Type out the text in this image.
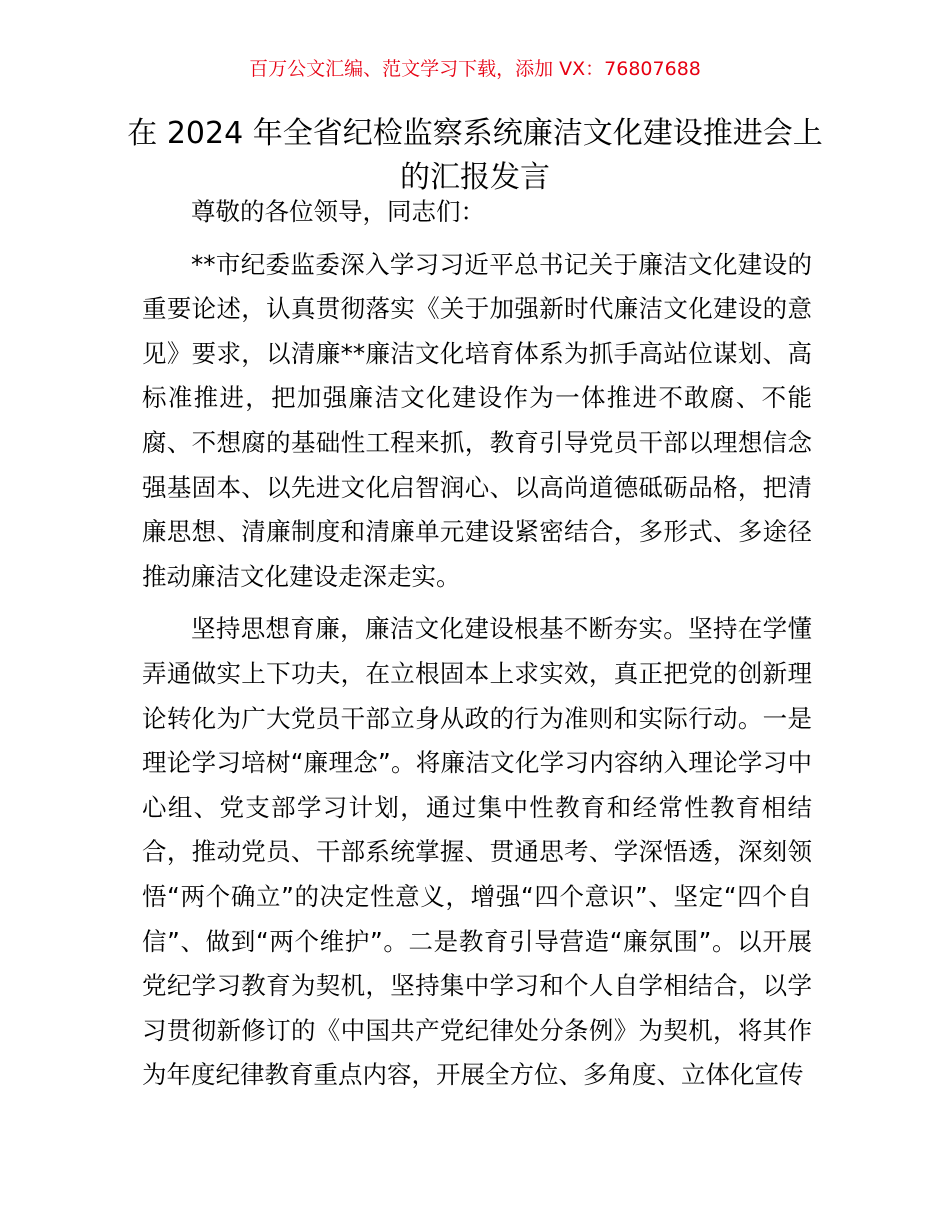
百万公文汇编、范文学习下载，添加 VX：76807688
在 2024 年全省纪检监察系统廉洁文化建设推进会上的汇报发言

尊敬的各位领导，同志们：

**市纪委监委深入学习习近平总书记关于廉洁文化建设的重要论述，认真贯彻落实《关于加强新时代廉洁文化建设的意见》要求，以清廉**廉洁文化培育体系为抓手高站位谋划、高标准推进，把加强廉洁文化建设作为一体推进不敢腐、不能腐、不想腐的基础性工程来抓，教育引导党员干部以理想信念强基固本、以先进文化启智润心、以高尚道德砥砺品格，把清廉思想、清廉制度和清廉单元建设紧密结合，多形式、多途径推动廉洁文化建设走深走实。

坚持思想育廉，廉洁文化建设根基不断夯实。坚持在学懂弄通做实上下功夫，在立根固本上求实效，真正把党的创新理论转化为广大党员干部立身从政的行为准则和实际行动。一是理论学习培树“廉理念”。将廉洁文化学习内容纳入理论学习中心组、党支部学习计划，通过集中性教育和经常性教育相结合，推动党员、干部系统掌握、贯通思考、学深悟透，深刻领悟“两个确立”的决定性意义，增强“四个意识”、坚定“四个自信”、做到“两个维护”。二是教育引导营造“廉氛围”。以开展党纪学习教育为契机，坚持集中学习和个人自学相结合，以学习贯彻新修订的《中国共产党纪律处分条例》为契机，将其作为年度纪律教育重点内容，开展全方位、多角度、立体化宣传
